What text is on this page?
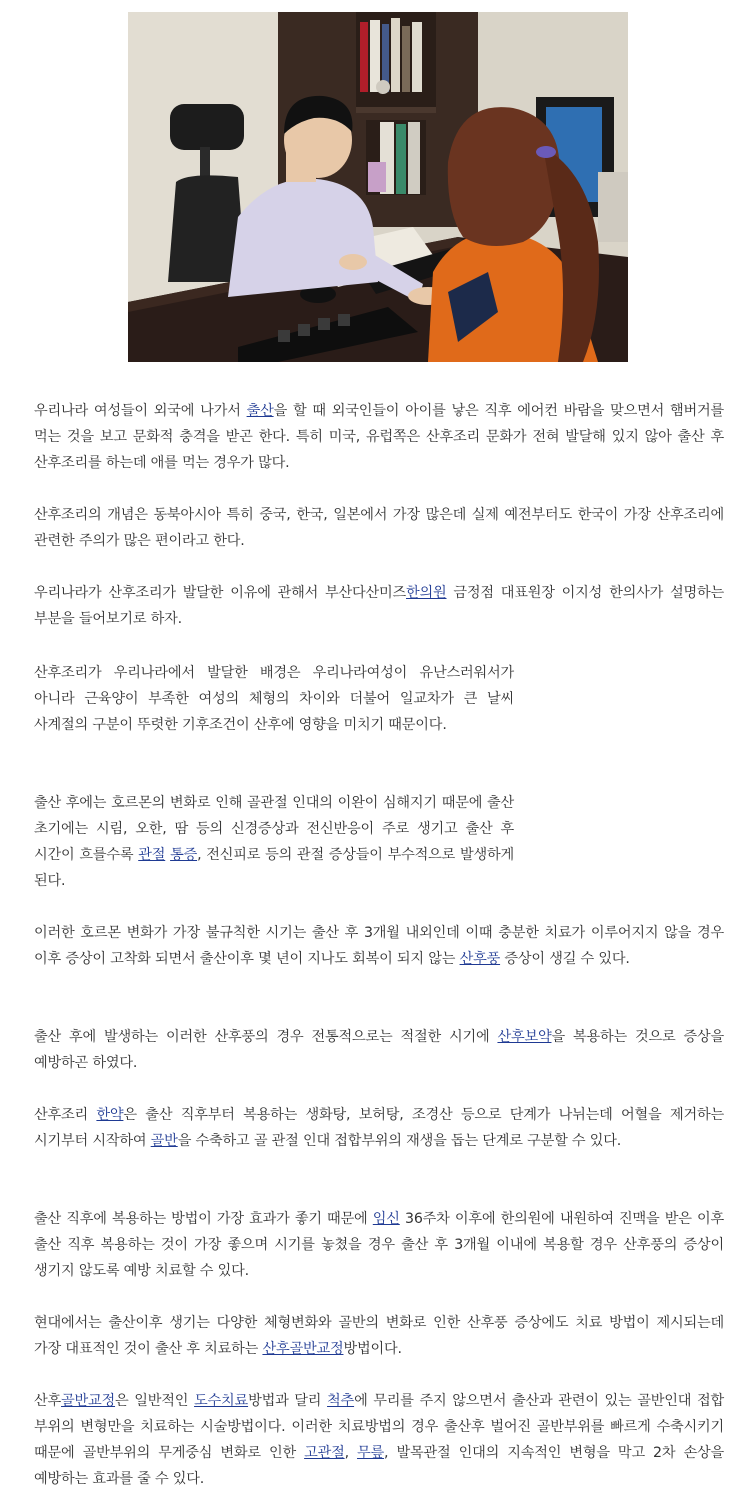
우리나라 여성들이 외국에 나가서 출산을 할 때 외국인들이 아이를 낳은 직후 에어컨 바람을 맞으면서 햄버거를 먹는 것을 보고 문화적 충격을 받곤 한다. 특히 미국, 유럽쪽은 산후조리 문화가 전혀 발달해 있지 않아 출산 후 산후조리를 하는데 애를 먹는 경우가 많다.

산후조리의 개념은 동북아시아 특히 중국, 한국, 일본에서 가장 많은데 실제 예전부터도 한국이 가장 산후조리에 관련한 주의가 많은 편이라고 한다.

우리나라가 산후조리가 발달한 이유에 관해서 부산다산미즈한의원 금정점 대표원장 이지성 한의사가 설명하는 부분을 들어보기로 하자.

산후조리가 우리나라에서 발달한 배경은 우리나라여성이 유난스러워서가 아니라 근육양이 부족한 여성의 체형의 차이와 더불어 일교차가 큰 날씨 사계절의 구분이 뚜렷한 기후조건이 산후에 영향을 미치기 때문이다.

출산 후에는 호르몬의 변화로 인해 골관절 인대의 이완이 심해지기 때문에 출산 초기에는 시림, 오한, 땀 등의 신경증상과 전신반응이 주로 생기고 출산 후 시간이 흐를수록 관절 통증, 전신피로 등의 관절 증상들이 부수적으로 발생하게 된다.

이러한 호르몬 변화가 가장 불규칙한 시기는 출산 후 3개월 내외인데 이때 충분한 치료가 이루어지지 않을 경우 이후 증상이 고착화 되면서 출산이후 몇 년이 지나도 회복이 되지 않는 산후풍 증상이 생길 수 있다.

출산 후에 발생하는 이러한 산후풍의 경우 전통적으로는 적절한 시기에 산후보약을 복용하는 것으로 증상을 예방하곤 하였다.

산후조리 한약은 출산 직후부터 복용하는 생화탕, 보허탕, 조경산 등으로 단계가 나뉘는데 어혈을 제거하는 시기부터 시작하여 골반을 수축하고 골 관절 인대 접합부위의 재생을 돕는 단계로 구분할 수 있다.

출산 직후에 복용하는 방법이 가장 효과가 좋기 때문에 임신 36주차 이후에 한의원에 내원하여 진맥을 받은 이후 출산 직후 복용하는 것이 가장 좋으며 시기를 놓쳤을 경우 출산 후 3개월 이내에 복용할 경우 산후풍의 증상이 생기지 않도록 예방 치료할 수 있다.

현대에서는 출산이후 생기는 다양한 체형변화와 골반의 변화로 인한 산후풍 증상에도 치료 방법이 제시되는데 가장 대표적인 것이 출산 후 치료하는 산후골반교정방법이다.

산후골반교정은 일반적인 도수치료방법과 달리 척추에 무리를 주지 않으면서 출산과 관련이 있는 골반인대 접합 부위의 변형만을 치료하는 시술방법이다. 이러한 치료방법의 경우 출산후 벌어진 골반부위를 빠르게 수축시키기 때문에 골반부위의 무게중심 변화로 인한 고관절, 무릎, 발목관절 인대의 지속적인 변형을 막고 2차 손상을 예방하는 효과를 줄 수 있다.
